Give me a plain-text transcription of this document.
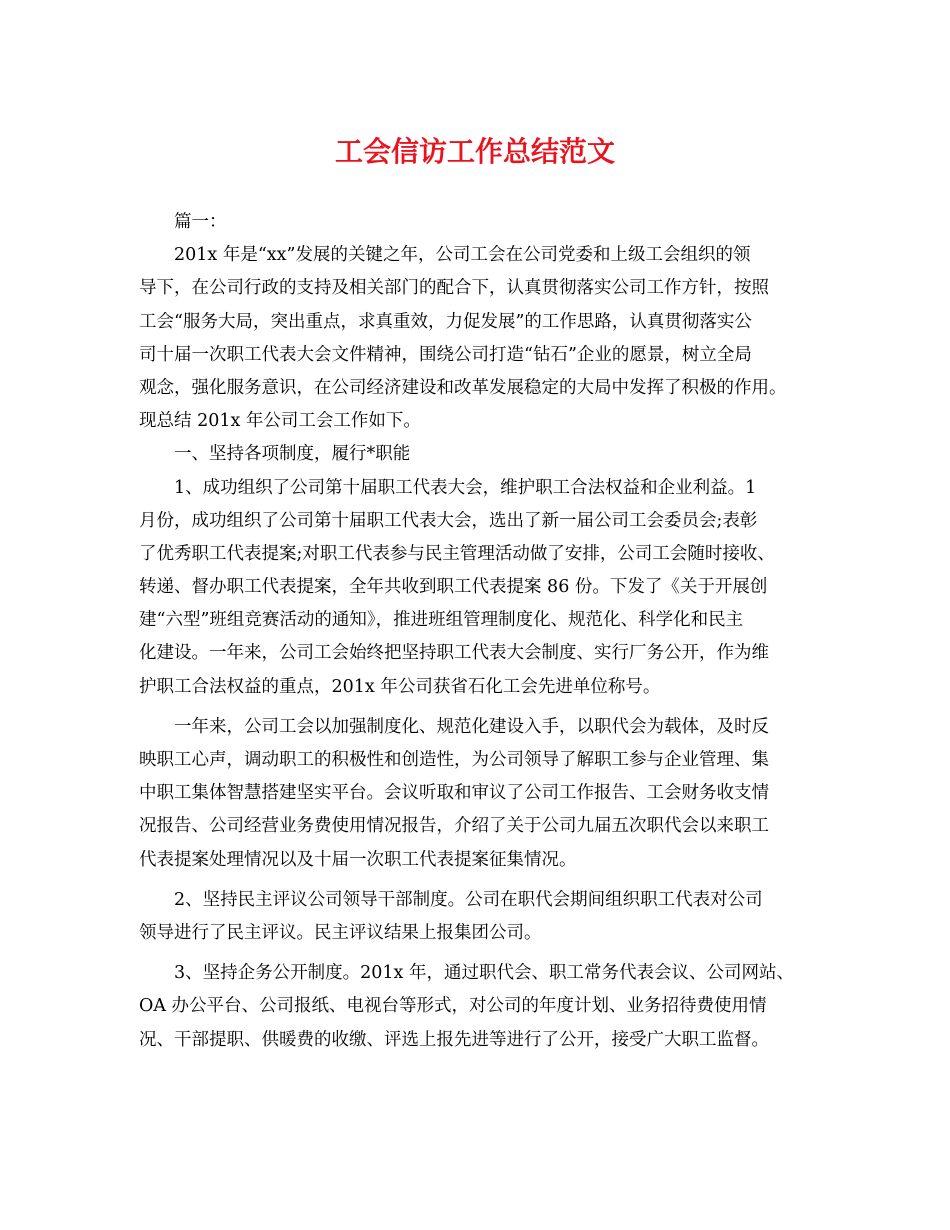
工会信访工作总结范文

篇一：

201x 年是“xx”发展的关键之年，公司工会在公司党委和上级工会组织的领

导下，在公司行政的支持及相关部门的配合下，认真贯彻落实公司工作方针，按照

工会“服务大局，突出重点，求真重效，力促发展”的工作思路，认真贯彻落实公

司十届一次职工代表大会文件精神，围绕公司打造“钻石”企业的愿景，树立全局

观念，强化服务意识，在公司经济建设和改革发展稳定的大局中发挥了积极的作用。

现总结 201x 年公司工会工作如下。

一、坚持各项制度，履行*职能

1、成功组织了公司第十届职工代表大会，维护职工合法权益和企业利益。1

月份，成功组织了公司第十届职工代表大会，选出了新一届公司工会委员会;表彰

了优秀职工代表提案;对职工代表参与民主管理活动做了安排，公司工会随时接收、

转递、督办职工代表提案，全年共收到职工代表提案 86 份。下发了《关于开展创

建“六型”班组竞赛活动的通知》，推进班组管理制度化、规范化、科学化和民主

化建设。一年来，公司工会始终把坚持职工代表大会制度、实行厂务公开，作为维

护职工合法权益的重点，201x 年公司获省石化工会先进单位称号。

一年来，公司工会以加强制度化、规范化建设入手，以职代会为载体，及时反

映职工心声，调动职工的积极性和创造性，为公司领导了解职工参与企业管理、集

中职工集体智慧搭建坚实平台。会议听取和审议了公司工作报告、工会财务收支情

况报告、公司经营业务费使用情况报告，介绍了关于公司九届五次职代会以来职工

代表提案处理情况以及十届一次职工代表提案征集情况。

2、坚持民主评议公司领导干部制度。公司在职代会期间组织职工代表对公司

领导进行了民主评议。民主评议结果上报集团公司。

3、坚持企务公开制度。201x 年，通过职代会、职工常务代表会议、公司网站、

OA 办公平台、公司报纸、电视台等形式，对公司的年度计划、业务招待费使用情

况、干部提职、供暖费的收缴、评选上报先进等进行了公开，接受广大职工监督。
